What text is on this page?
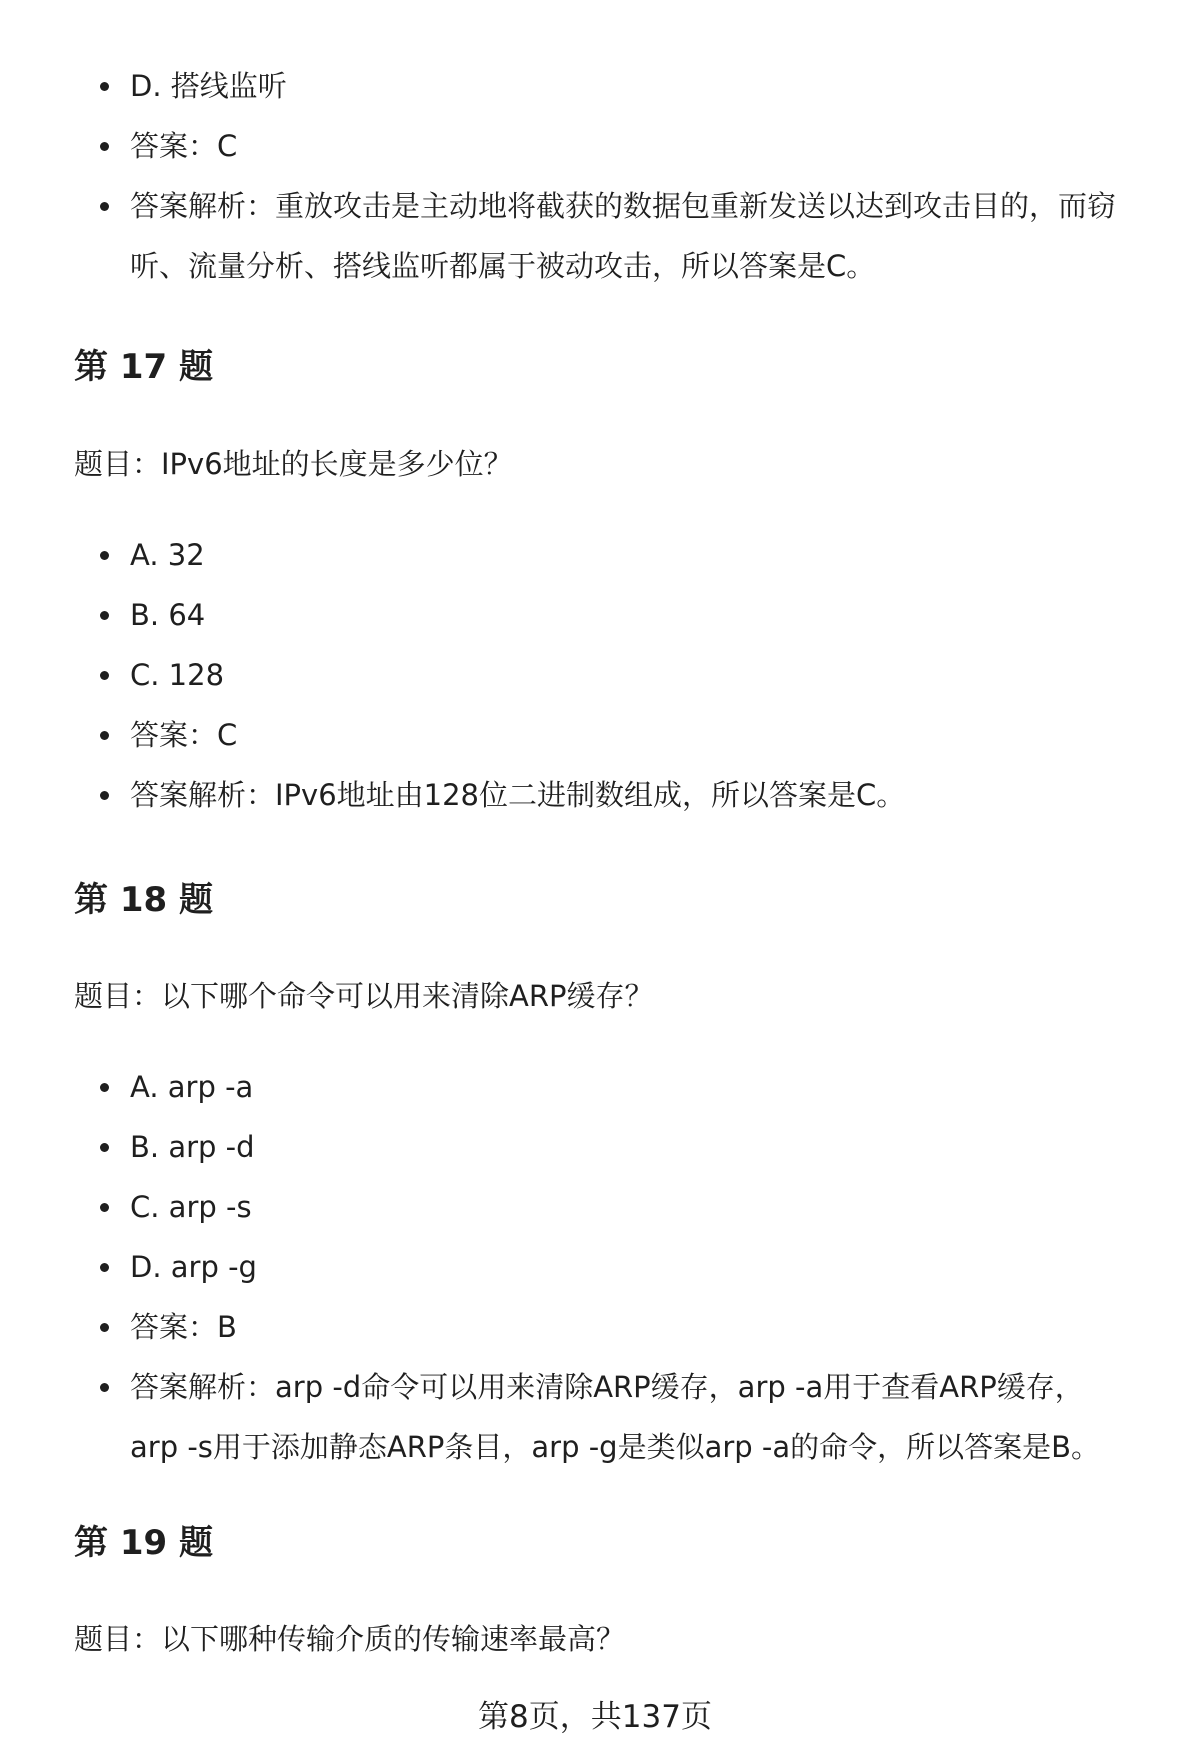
D. 搭线监听
答案：C
答案解析：重放攻击是主动地将截获的数据包重新发送以达到攻击目的，而窃听、流量分析、搭线监听都属于被动攻击，所以答案是C。
第 17 题

题目：IPv6地址的长度是多少位？

A. 32
B. 64
C. 128
答案：C
答案解析：IPv6地址由128位二进制数组成，所以答案是C。
第 18 题

题目：以下哪个命令可以用来清除ARP缓存？

A. arp -a
B. arp -d
C. arp -s
D. arp -g
答案：B
答案解析：arp -d命令可以用来清除ARP缓存，arp -a用于查看ARP缓存，arp -s用于添加静态ARP条目，arp -g是类似arp -a的命令，所以答案是B。
第 19 题

题目：以下哪种传输介质的传输速率最高？

第8页，共137页
